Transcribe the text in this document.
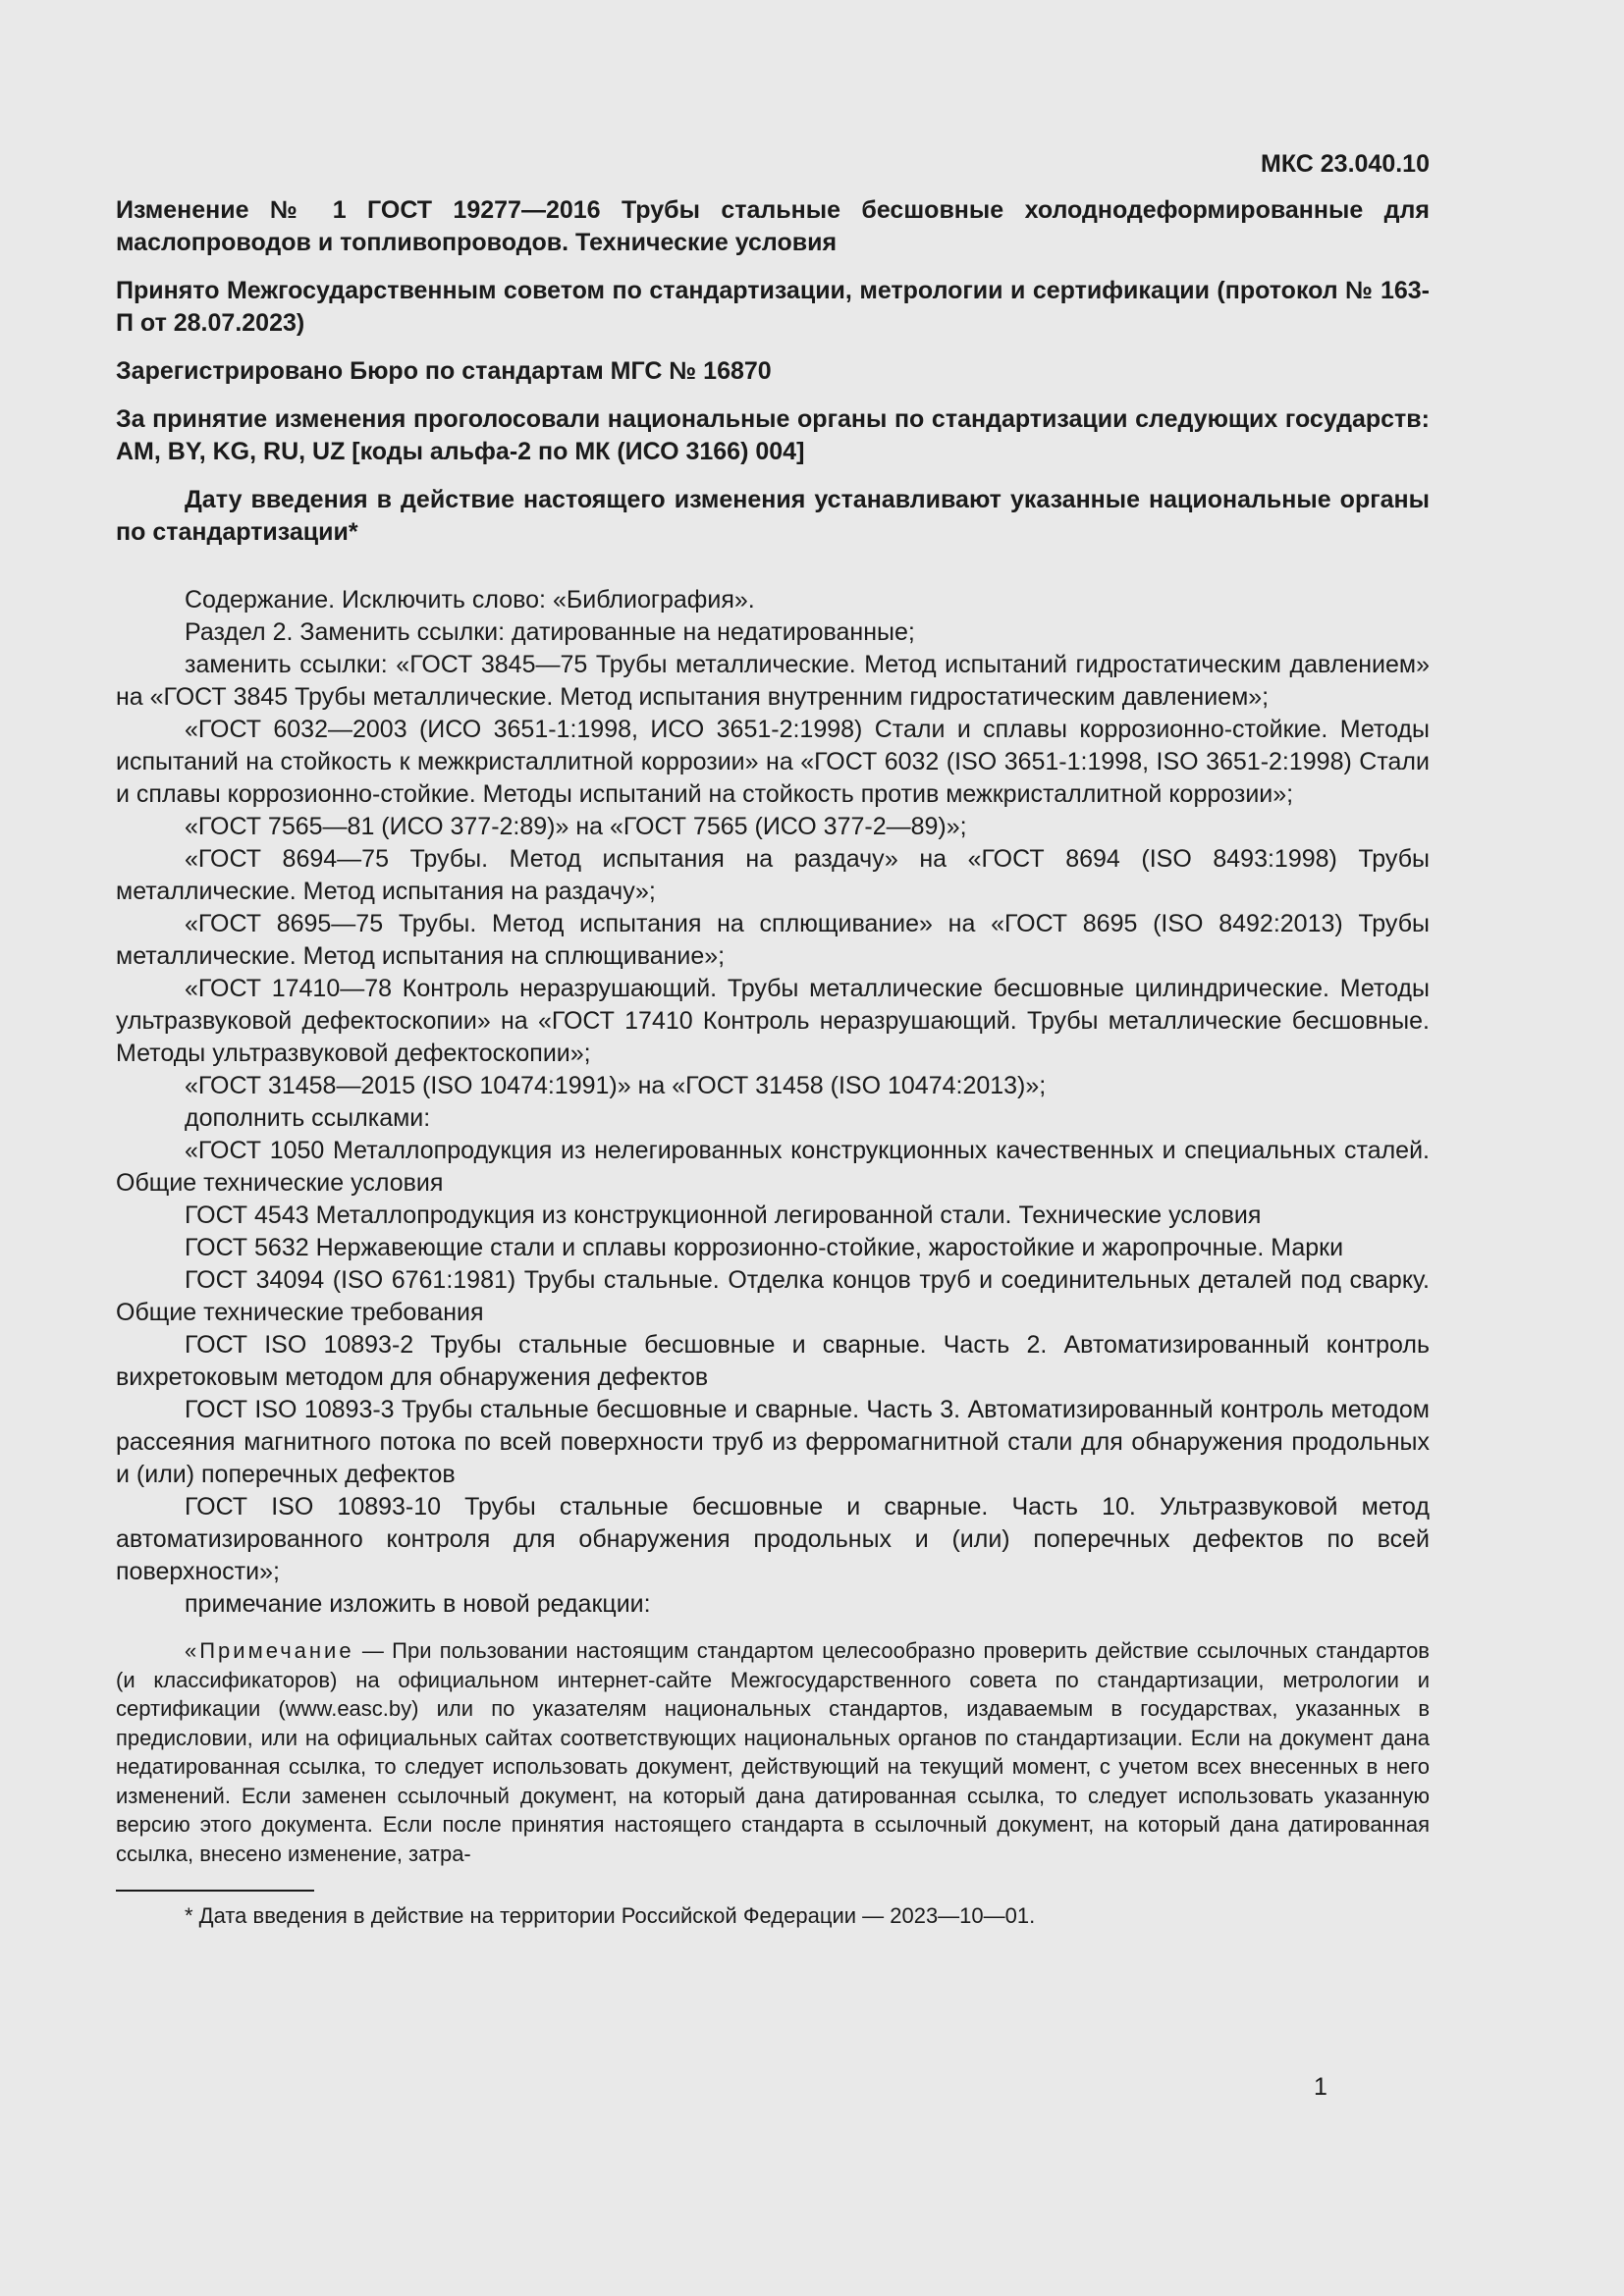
МКС 23.040.10

Изменение № 1 ГОСТ 19277—2016 Трубы стальные бесшовные холоднодеформированные для маслопроводов и топливопроводов. Технические условия

Принято Межгосударственным советом по стандартизации, метрологии и сертификации (протокол № 163-П от 28.07.2023)

Зарегистрировано Бюро по стандартам МГС № 16870

За принятие изменения проголосовали национальные органы по стандартизации следующих государств: AM, BY, KG, RU, UZ [коды альфа-2 по МК (ИСО 3166) 004]

Дату введения в действие настоящего изменения устанавливают указанные национальные органы по стандартизации*

Содержание. Исключить слово: «Библиография».

Раздел 2. Заменить ссылки: датированные на недатированные;

заменить ссылки: «ГОСТ 3845—75 Трубы металлические. Метод испытаний гидростатическим давлением» на «ГОСТ 3845 Трубы металлические. Метод испытания внутренним гидростатическим давлением»;

«ГОСТ 6032—2003 (ИСО 3651-1:1998, ИСО 3651-2:1998) Стали и сплавы коррозионно-стойкие. Методы испытаний на стойкость к межкристаллитной коррозии» на «ГОСТ 6032 (ISO 3651-1:1998, ISO 3651-2:1998) Стали и сплавы коррозионно-стойкие. Методы испытаний на стойкость против межкристаллитной коррозии»;

«ГОСТ 7565—81 (ИСО 377-2:89)» на «ГОСТ 7565 (ИСО 377-2—89)»;

«ГОСТ 8694—75 Трубы. Метод испытания на раздачу» на «ГОСТ 8694 (ISO 8493:1998) Трубы металлические. Метод испытания на раздачу»;

«ГОСТ 8695—75 Трубы. Метод испытания на сплющивание» на «ГОСТ 8695 (ISO 8492:2013) Трубы металлические. Метод испытания на сплющивание»;

«ГОСТ 17410—78 Контроль неразрушающий. Трубы металлические бесшовные цилиндрические. Методы ультразвуковой дефектоскопии» на «ГОСТ 17410 Контроль неразрушающий. Трубы металлические бесшовные. Методы ультразвуковой дефектоскопии»;

«ГОСТ 31458—2015 (ISO 10474:1991)» на «ГОСТ 31458 (ISO 10474:2013)»;

дополнить ссылками:

«ГОСТ 1050 Металлопродукция из нелегированных конструкционных качественных и специальных сталей. Общие технические условия

ГОСТ 4543 Металлопродукция из конструкционной легированной стали. Технические условия

ГОСТ 5632 Нержавеющие стали и сплавы коррозионно-стойкие, жаростойкие и жаропрочные. Марки

ГОСТ 34094 (ISO 6761:1981) Трубы стальные. Отделка концов труб и соединительных деталей под сварку. Общие технические требования

ГОСТ ISO 10893-2 Трубы стальные бесшовные и сварные. Часть 2. Автоматизированный контроль вихретоковым методом для обнаружения дефектов

ГОСТ ISO 10893-3 Трубы стальные бесшовные и сварные. Часть 3. Автоматизированный контроль методом рассеяния магнитного потока по всей поверхности труб из ферромагнитной стали для обнаружения продольных и (или) поперечных дефектов

ГОСТ ISO 10893-10 Трубы стальные бесшовные и сварные. Часть 10. Ультразвуковой метод автоматизированного контроля для обнаружения продольных и (или) поперечных дефектов по всей поверхности»;

примечание изложить в новой редакции:

«Примечание — При пользовании настоящим стандартом целесообразно проверить действие ссылочных стандартов (и классификаторов) на официальном интернет-сайте Межгосударственного совета по стандартизации, метрологии и сертификации (www.easc.by) или по указателям национальных стандартов, издаваемым в государствах, указанных в предисловии, или на официальных сайтах соответствующих национальных органов по стандартизации. Если на документ дана недатированная ссылка, то следует использовать документ, действующий на текущий момент, с учетом всех внесенных в него изменений. Если заменен ссылочный документ, на который дана датированная ссылка, то следует использовать указанную версию этого документа. Если после принятия настоящего стандарта в ссылочный документ, на который дана датированная ссылка, внесено изменение, затра-

* Дата введения в действие на территории Российской Федерации — 2023—10—01.
1
